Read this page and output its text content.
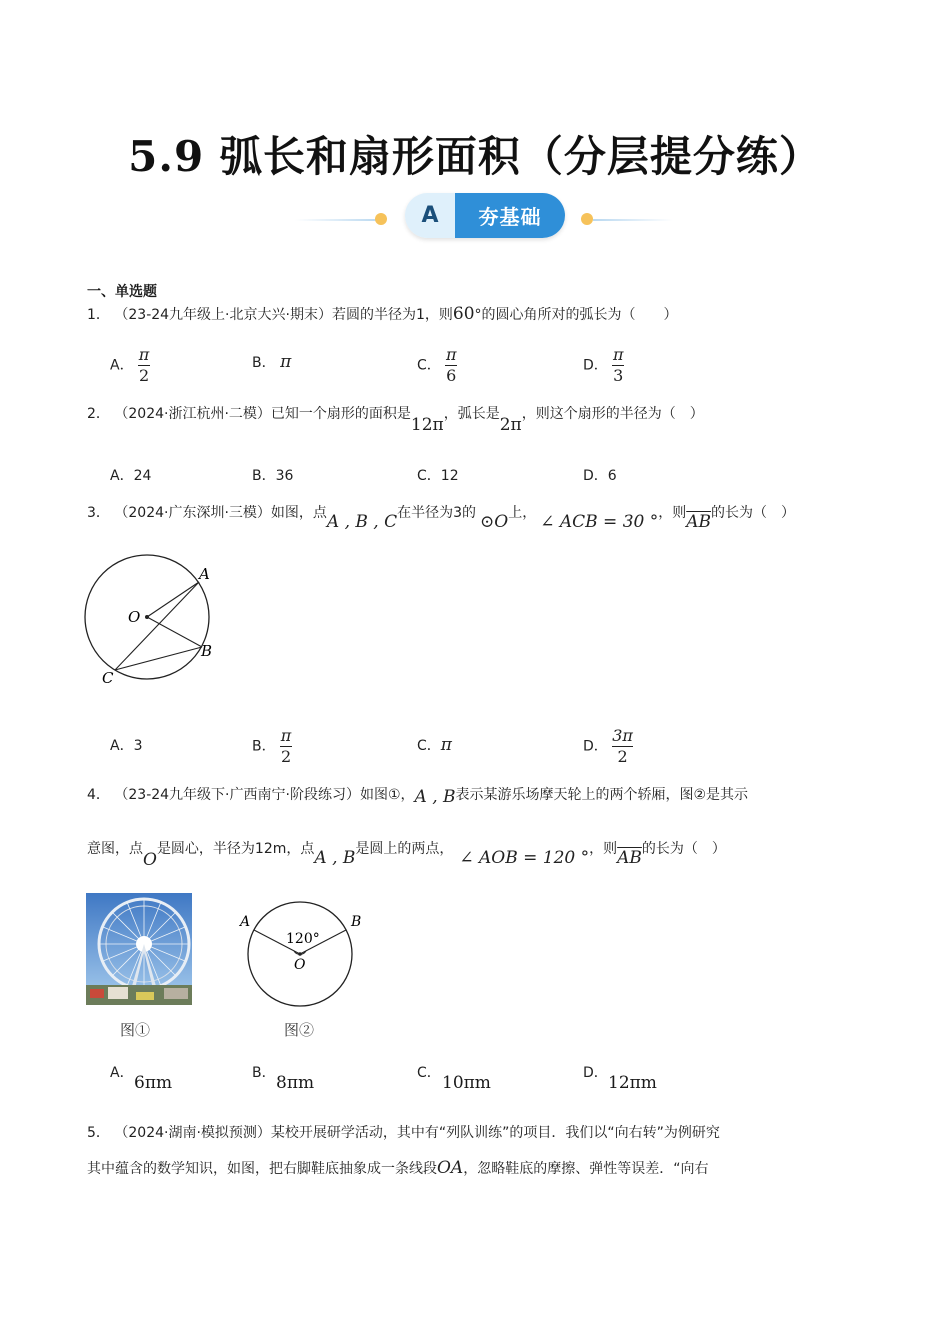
5.9 弧长和扇形面积（分层提分练）
A	夯基础
一、单选题
1． （23-24九年级上·北京大兴·期末）若圆的半径为1，则60°的圆心角所对的弧长为（　　）
A． $\frac{\pi}{2}$	B． π	C． $\frac{\pi}{6}$	D． $\frac{\pi}{3}$
2． （2024·浙江杭州·二模）已知一个扇形的面积是12π，弧长是2π，则这个扇形的半径为（　）
A．24	B．36	C．12	D．6
3． （2024·广东深圳·三模）如图，点A , B , C在半径为3的 ⊙O上， ∠ ACB = 30 °，则$\overline{AB}$的长为（　）
A
B
C
O
A．3	B． $\frac{\pi}{2}$	C．π	D． $\frac{3\pi}{2}$
4． （23-24九年级下·广西南宁·阶段练习）如图①，A , B表示某游乐场摩天轮上的两个轿厢，图②是其示
意图，点O是圆心，半径为12m，点A , B是圆上的两点， ∠ AOB = 120 °，则$\overline{AB}$的长为（　）
A	B
O
120°
图①	图②
A． 6πm	B． 8πm	C． 10πm	D． 12πm
5． （2024·湖南·模拟预测）某校开展研学活动，其中有“列队训练”的项目．我们以“向右转”为例研究
其中蕴含的数学知识，如图，把右脚鞋底抽象成一条线段OA，忽略鞋底的摩擦、弹性等误差．“向右
